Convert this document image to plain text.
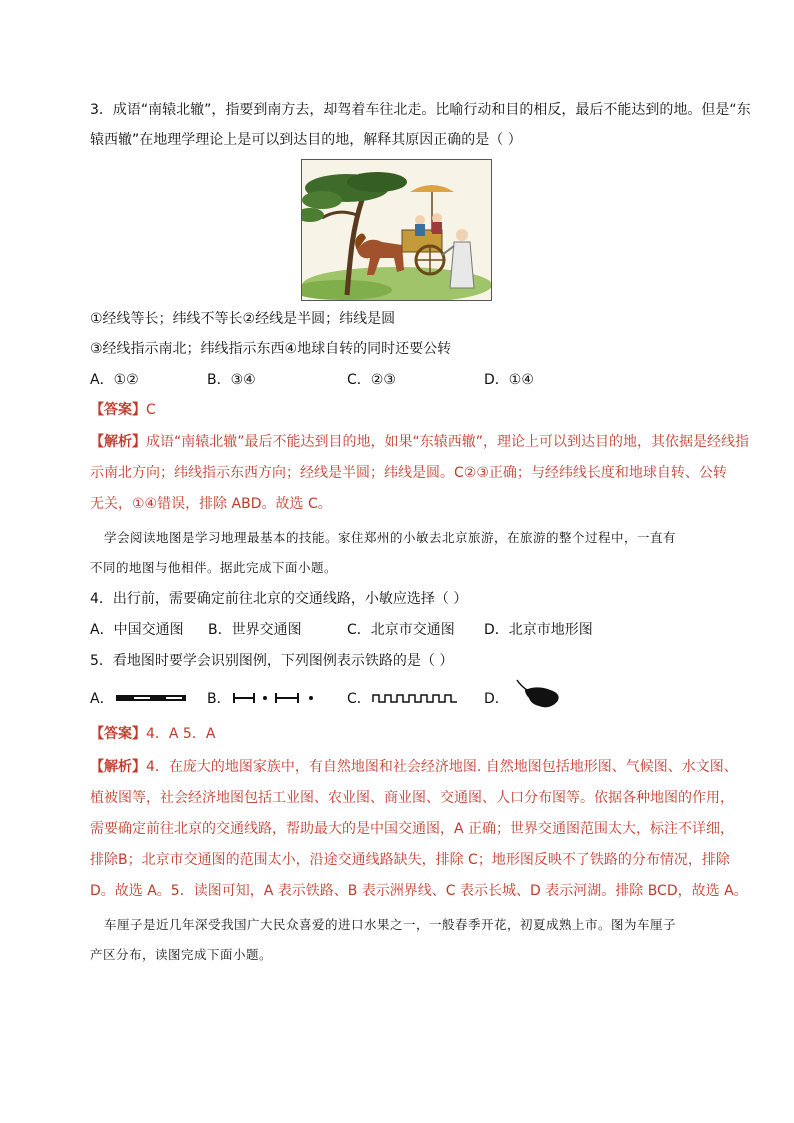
3．成语“南辕北辙”，指要到南方去，却驾着车往北走。比喻行动和目的相反，最后不能达到的地。但是“东
辕西辙”在地理学理论上是可以到达目的地，解释其原因正确的是（ ）
①经线等长；纬线不等长②经线是半圆；纬线是圆
③经线指示南北；纬线指示东西④地球自转的同时还要公转
A．①②	B．③④	C．②③	D．①④
【答案】C
【解析】成语“南辕北辙”最后不能达到目的地，如果“东辕西辙”，理论上可以到达目的地，其依据是经线指
示南北方向；纬线指示东西方向；经线是半圆；纬线是圆。C②③正确；与经纬线长度和地球自转、公转
无关，①④错误，排除 ABD。故选 C。
学会阅读地图是学习地理最基本的技能。家住郑州的小敏去北京旅游，在旅游的整个过程中，一直有
不同的地图与他相伴。据此完成下面小题。
4．出行前，需要确定前往北京的交通线路，小敏应选择（ ）
A．中国交通图 B．世界交通图	C．北京市交通图 D．北京市地形图
5．看地图时要学会识别图例，下列图例表示铁路的是（ ）
A．	B．	C．	D．
【答案】4．A 5．A
【解析】4．在庞大的地图家族中，有自然地图和社会经济地图. 自然地图包括地形图、气候图、水文图、
植被图等，社会经济地图包括工业图、农业图、商业图、交通图、人口分布图等。依据各种地图的作用，
需要确定前往北京的交通线路，帮助最大的是中国交通图，A 正确；世界交通图范围太大，标注不详细，
排除B；北京市交通图的范围太小，沿途交通线路缺失，排除 C；地形图反映不了铁路的分布情况，排除
D。故选 A。5．读图可知，A 表示铁路、B 表示洲界线、C 表示长城、D 表示河湖。排除 BCD，故选 A。
车厘子是近几年深受我国广大民众喜爱的进口水果之一，一般春季开花，初夏成熟上市。图为车厘子
产区分布，读图完成下面小题。
